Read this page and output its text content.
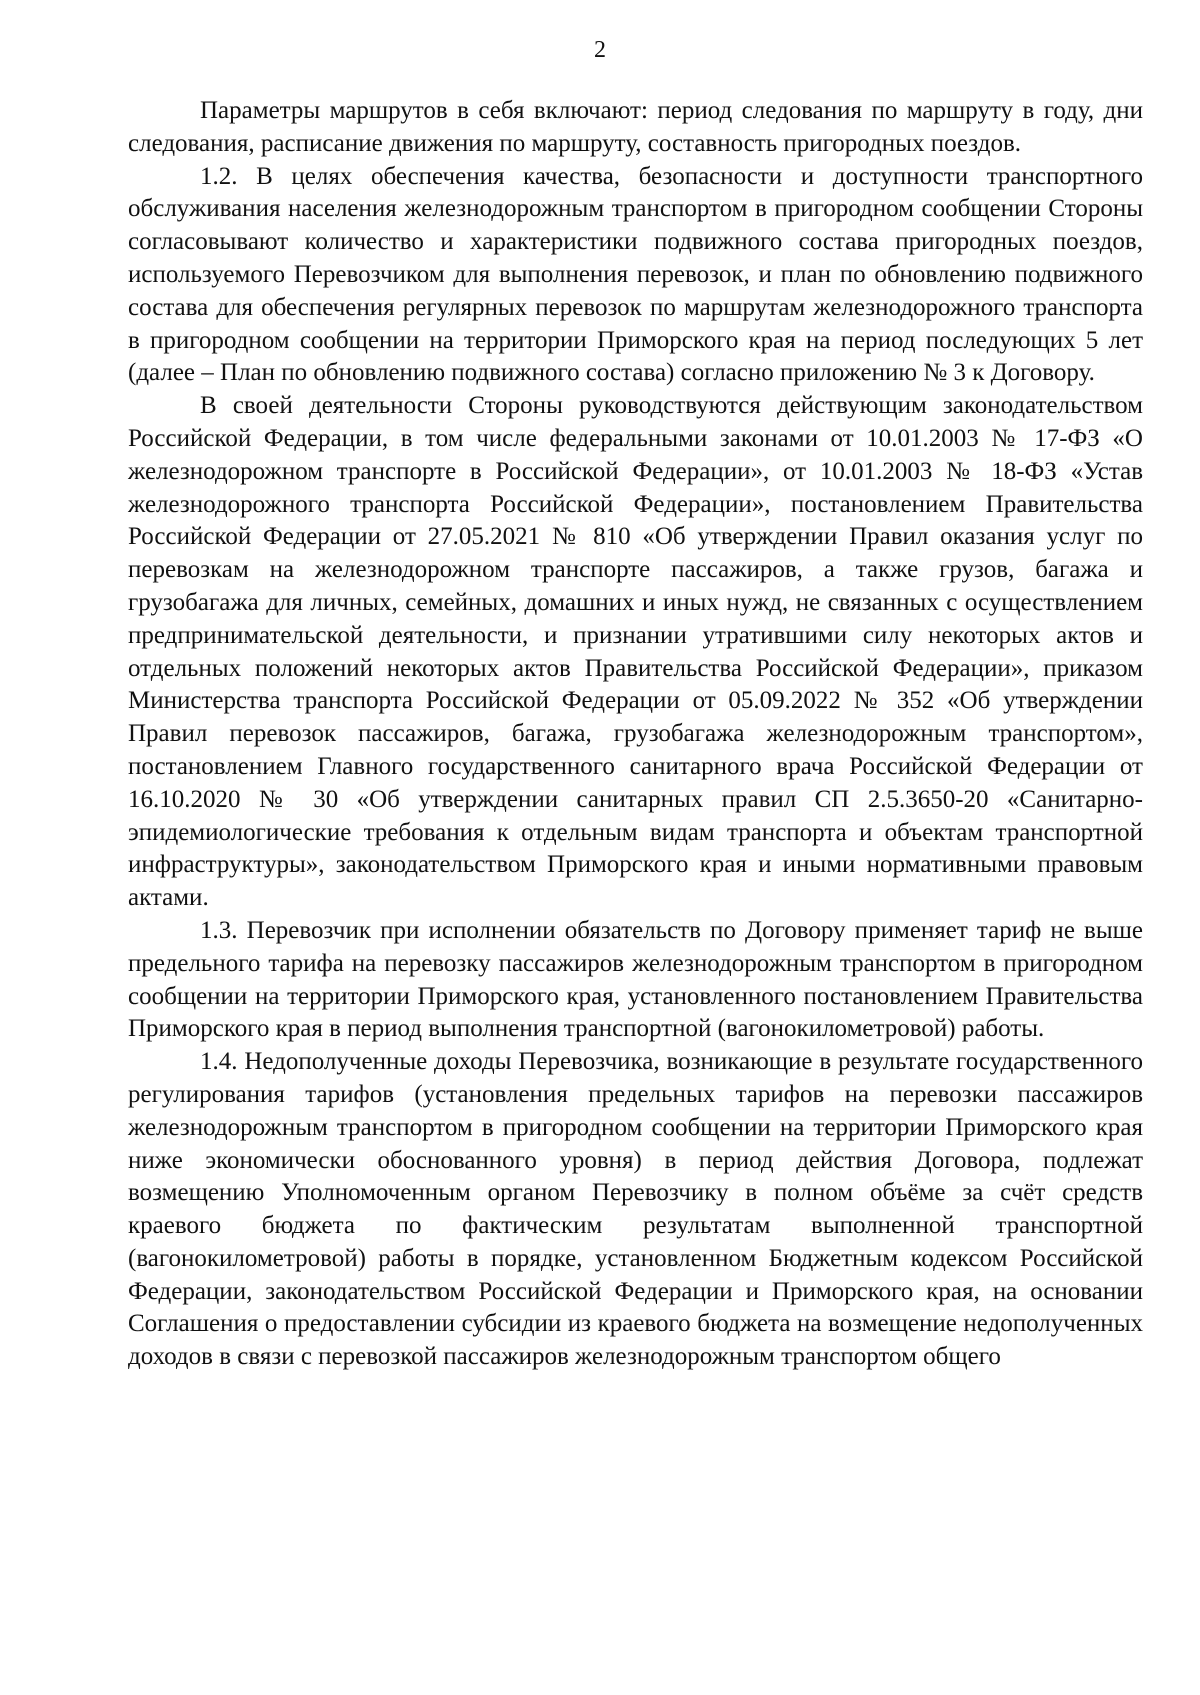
2

Параметры маршрутов в себя включают: период следования по маршруту в году, дни следования, расписание движения по маршруту, составность пригородных поездов.

1.2. В целях обеспечения качества, безопасности и доступности транспортного обслуживания населения железнодорожным транспортом в пригородном сообщении Стороны согласовывают количество и характеристики подвижного состава пригородных поездов, используемого Перевозчиком для выполнения перевозок, и план по обновлению подвижного состава для обеспечения регулярных перевозок по маршрутам железнодорожного транспорта в пригородном сообщении на территории Приморского края на период последующих 5 лет (далее – План по обновлению подвижного состава) согласно приложению № 3 к Договору.

В своей деятельности Стороны руководствуются действующим законодательством Российской Федерации, в том числе федеральными законами от 10.01.2003 № 17-ФЗ «О железнодорожном транспорте в Российской Федерации», от 10.01.2003 № 18-ФЗ «Устав железнодорожного транспорта Российской Федерации», постановлением Правительства Российской Федерации от 27.05.2021 № 810 «Об утверждении Правил оказания услуг по перевозкам на железнодорожном транспорте пассажиров, а также грузов, багажа и грузобагажа для личных, семейных, домашних и иных нужд, не связанных с осуществлением предпринимательской деятельности, и признании утратившими силу некоторых актов и отдельных положений некоторых актов Правительства Российской Федерации», приказом Министерства транспорта Российской Федерации от 05.09.2022 № 352 «Об утверждении Правил перевозок пассажиров, багажа, грузобагажа железнодорожным транспортом», постановлением Главного государственного санитарного врача Российской Федерации от 16.10.2020 № 30 «Об утверждении санитарных правил СП 2.5.3650-20 «Санитарно-эпидемиологические требования к отдельным видам транспорта и объектам транспортной инфраструктуры», законодательством Приморского края и иными нормативными правовым актами.

1.3. Перевозчик при исполнении обязательств по Договору применяет тариф не выше предельного тарифа на перевозку пассажиров железнодорожным транспортом в пригородном сообщении на территории Приморского края, установленного постановлением Правительства Приморского края в период выполнения транспортной (вагонокилометровой) работы.

1.4. Недополученные доходы Перевозчика, возникающие в результате государственного регулирования тарифов (установления предельных тарифов на перевозки пассажиров железнодорожным транспортом в пригородном сообщении на территории Приморского края ниже экономически обоснованного уровня) в период действия Договора, подлежат возмещению Уполномоченным органом Перевозчику в полном объёме за счёт средств краевого бюджета по фактическим результатам выполненной транспортной (вагонокилометровой) работы в порядке, установленном Бюджетным кодексом Российской Федерации, законодательством Российской Федерации и Приморского края, на основании Соглашения о предоставлении субсидии из краевого бюджета на возмещение недополученных доходов в связи с перевозкой пассажиров железнодорожным транспортом общего
